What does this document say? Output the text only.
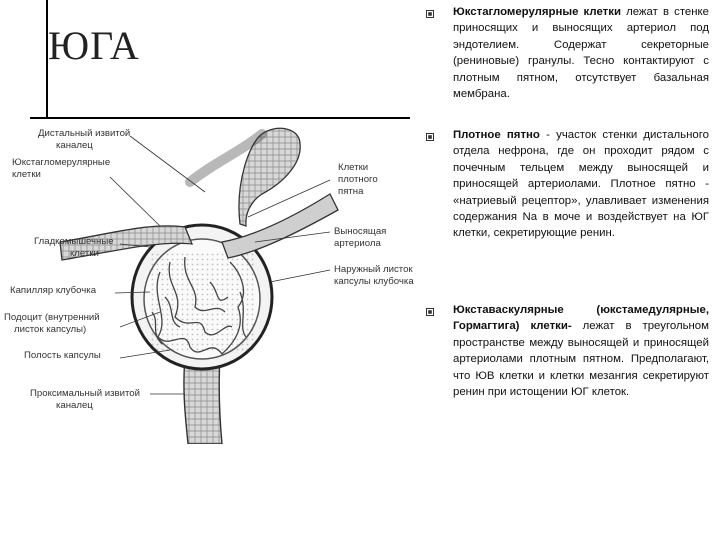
ЮГА
Дистальный извитой
каналец
Юкстагломерулярные
клетки
Гладкомышечные
клетки
Капилляр клубочка
Подоцит (внутренний
листок капсулы)
Полость капсулы
Проксимальный извитой
каналец
Клетки
плотного
пятна
Выносящая
артериола
Наружный листок
капсулы клубочка
Юкстагломерулярные клетки лежат в стенке приносящих и выносящих артериол под эндотелием. Содержат секреторные (рениновые) гранулы. Тесно контактируют с плотным пятном, отсутствует базальная мембрана.
Плотное пятно - участок стенки дистального отдела нефрона, где он проходит рядом с почечным тельцем между выносящей и приносящей артериолами. Плотное пятно - «натриевый рецептор», улавливает изменения содержания Na в моче и воздействует на ЮГ клетки, секретирующие ренин.
Юкставаскулярные (юкстамедулярные, Гормагтига) клетки- лежат в треугольном пространстве между выносящей и приносящей артериолами плотным пятном. Предполагают, что ЮВ клетки и клетки мезангия секретируют ренин при истощении ЮГ клеток.
